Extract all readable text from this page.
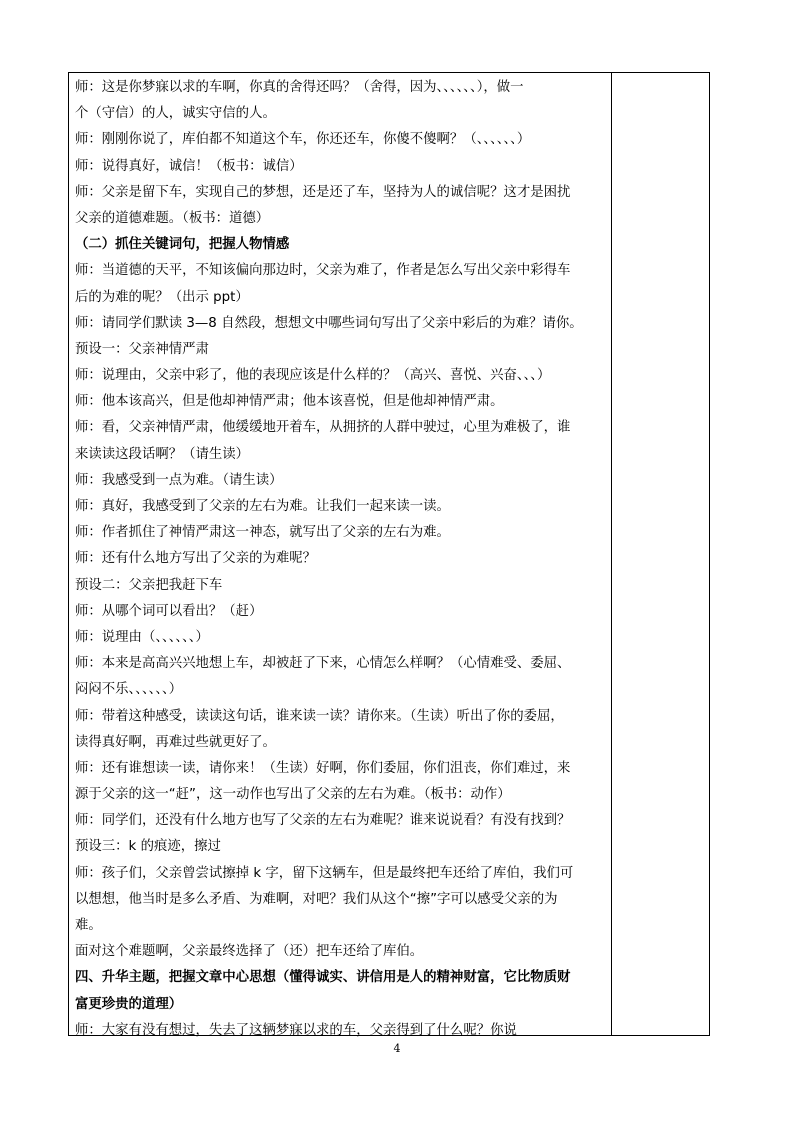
师：这是你梦寐以求的车啊，你真的舍得还吗？（舍得，因为、、、、、、），做一
个（守信）的人，诚实守信的人。
师：刚刚你说了，库伯都不知道这个车，你还还车，你傻不傻啊？（、、、、、、）
师：说得真好，诚信！（板书：诚信）
师：父亲是留下车，实现自己的梦想，还是还了车，坚持为人的诚信呢？这才是困扰
父亲的道德难题。（板书：道德）
（二）抓住关键词句，把握人物情感
师：当道德的天平，不知该偏向那边时，父亲为难了，作者是怎么写出父亲中彩得车
后的为难的呢？（出示 ppt）
师：请同学们默读 3—8 自然段，想想文中哪些词句写出了父亲中彩后的为难？请你。
预设一：父亲神情严肃
师：说理由，父亲中彩了，他的表现应该是什么样的？（高兴、喜悦、兴奋、、、）
师：他本该高兴，但是他却神情严肃；他本该喜悦，但是他却神情严肃。
师：看，父亲神情严肃，他缓缓地开着车，从拥挤的人群中驶过，心里为难极了，谁
来读读这段话啊？（请生读）
师：我感受到一点为难。（请生读）
师：真好，我感受到了父亲的左右为难。让我们一起来读一读。
师：作者抓住了神情严肃这一神态，就写出了父亲的左右为难。
师：还有什么地方写出了父亲的为难呢？
预设二：父亲把我赶下车
师：从哪个词可以看出？（赶）
师：说理由（、、、、、、）
师：本来是高高兴兴地想上车，却被赶了下来，心情怎么样啊？（心情难受、委屈、
闷闷不乐、、、、、、）
师：带着这种感受，读读这句话，谁来读一读？请你来。（生读）听出了你的委屈，
读得真好啊，再难过些就更好了。
师：还有谁想读一读，请你来！（生读）好啊，你们委屈，你们沮丧，你们难过，来
源于父亲的这一“赶”，这一动作也写出了父亲的左右为难。（板书：动作）
师：同学们，还没有什么地方也写了父亲的左右为难呢？谁来说说看？有没有找到？
预设三：k 的痕迹，擦过
师：孩子们，父亲曾尝试擦掉 k 字，留下这辆车，但是最终把车还给了库伯，我们可
以想想，他当时是多么矛盾、为难啊，对吧？我们从这个“擦”字可以感受父亲的为
难。
面对这个难题啊，父亲最终选择了（还）把车还给了库伯。
四、升华主题，把握文章中心思想（懂得诚实、讲信用是人的精神财富，它比物质财
富更珍贵的道理）
师：大家有没有想过，失去了这辆梦寐以求的车，父亲得到了什么呢？你说
4
